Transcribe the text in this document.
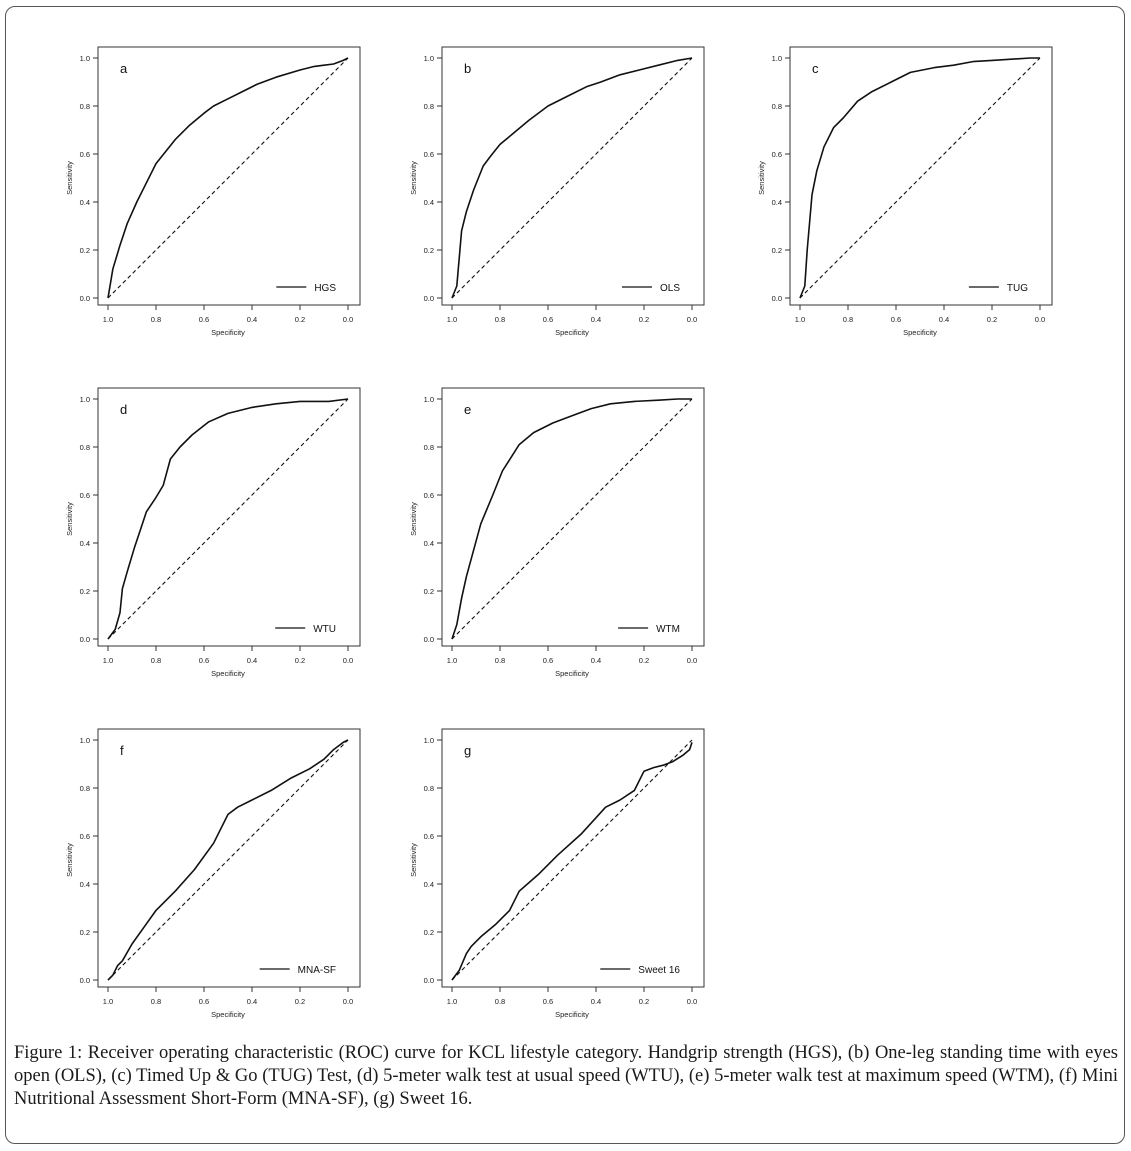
0.0
0.2
0.4
0.6
0.8
1.0
1.0	0.8	0.6	0.4	0.2	0.0
Specificity
Sensitivity
a
HGS
0.0
0.2
0.4
0.6
0.8
1.0
1.0	0.8	0.6	0.4	0.2	0.0
Specificity
Sensitivity
b
OLS
0.0
0.2
0.4
0.6
0.8
1.0
1.0	0.8	0.6	0.4	0.2	0.0
Specificity
Sensitivity
c
TUG
0.0
0.2
0.4
0.6
0.8
1.0
1.0	0.8	0.6	0.4	0.2	0.0
Specificity
Sensitivity
d
WTU
0.0
0.2
0.4
0.6
0.8
1.0
1.0	0.8	0.6	0.4	0.2	0.0
Specificity
Sensitivity
e
WTM
0.0
0.2
0.4
0.6
0.8
1.0
1.0	0.8	0.6	0.4	0.2	0.0
Specificity
Sensitivity
f
MNA-SF
0.0
0.2
0.4
0.6
0.8
1.0
1.0	0.8	0.6	0.4	0.2	0.0
Specificity
Sensitivity
g
Sweet 16
Figure 1: Receiver operating characteristic (ROC) curve for KCL lifestyle category. Handgrip strength (HGS), (b) One-leg standing time with eyes open (OLS), (c) Timed Up & Go (TUG) Test, (d) 5-meter walk test at usual speed (WTU), (e) 5-meter walk test at maximum speed (WTM), (f) Mini Nutritional Assessment Short-Form (MNA-SF), (g) Sweet 16.
